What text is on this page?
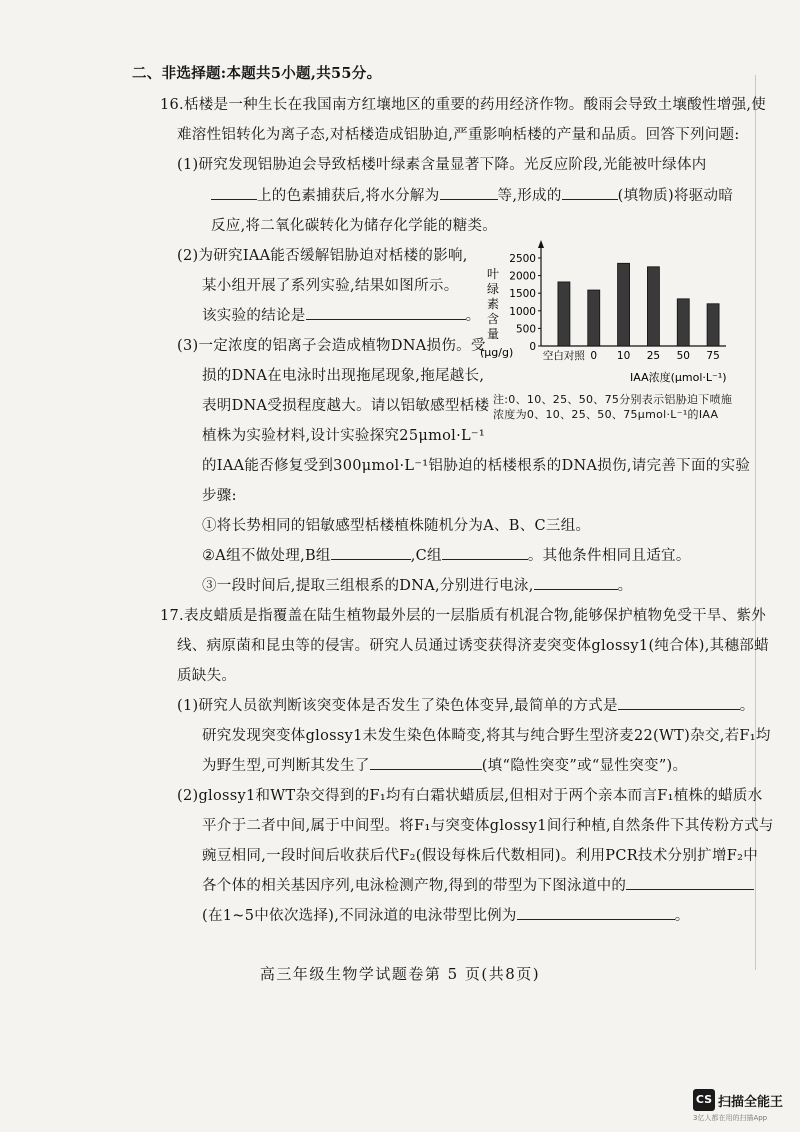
二、非选择题:本题共5小题,共55分。
16.栝楼是一种生长在我国南方红壤地区的重要的药用经济作物。酸雨会导致土壤酸性增强,使
难溶性铝转化为离子态,对栝楼造成铝胁迫,严重影响栝楼的产量和品质。回答下列问题:
(1)研究发现铝胁迫会导致栝楼叶绿素含量显著下降。光反应阶段,光能被叶绿体内
上的色素捕获后,将水分解为	等,形成的	(填物质)将驱动暗
反应,将二氧化碳转化为储存化学能的糖类。
(2)为研究IAA能否缓解铝胁迫对栝楼的影响,
某小组开展了系列实验,结果如图所示。
该实验的结论是	。
(3)一定浓度的铝离子会造成植物DNA损伤。受
损的DNA在电泳时出现拖尾现象,拖尾越长,
表明DNA受损程度越大。请以铝敏感型栝楼
植株为实验材料,设计实验探究25μmol·L⁻¹
的IAA能否修复受到300μmol·L⁻¹铝胁迫的栝楼根系的DNA损伤,请完善下面的实验
步骤:
①将长势相同的铝敏感型栝楼植株随机分为A、B、C三组。
②A组不做处理,B组	,C组	。其他条件相同且适宜。
③一段时间后,提取三组根系的DNA,分别进行电泳,	。
叶
绿
素
含
量
(μg/g) 0
500
1000
1500
2000
2500
空白对照 0 10 25 50 75
IAA浓度(μmol·L⁻¹)
注:0、10、25、50、75分别表示铝胁迫下喷施
浓度为0、10、25、50、75μmol·L⁻¹的IAA
17.表皮蜡质是指覆盖在陆生植物最外层的一层脂质有机混合物,能够保护植物免受干旱、紫外
线、病原菌和昆虫等的侵害。研究人员通过诱变获得济麦突变体glossy1(纯合体),其穗部蜡
质缺失。
(1)研究人员欲判断该突变体是否发生了染色体变异,最简单的方式是	。
研究发现突变体glossy1未发生染色体畸变,将其与纯合野生型济麦22(WT)杂交,若F₁均
为野生型,可判断其发生了	(填“隐性突变”或“显性突变”)。
(2)glossy1和WT杂交得到的F₁均有白霜状蜡质层,但相对于两个亲本而言F₁植株的蜡质水
平介于二者中间,属于中间型。将F₁与突变体glossy1间行种植,自然条件下其传粉方式与
豌豆相同,一段时间后收获后代F₂(假设每株后代数相同)。利用PCR技术分别扩增F₂中
各个体的相关基因序列,电泳检测产物,得到的带型为下图泳道中的
(在1~5中依次选择),不同泳道的电泳带型比例为	。
高三年级生物学试题卷第 5 页(共8页)
CS 扫描全能王
3亿人都在用的扫描App
